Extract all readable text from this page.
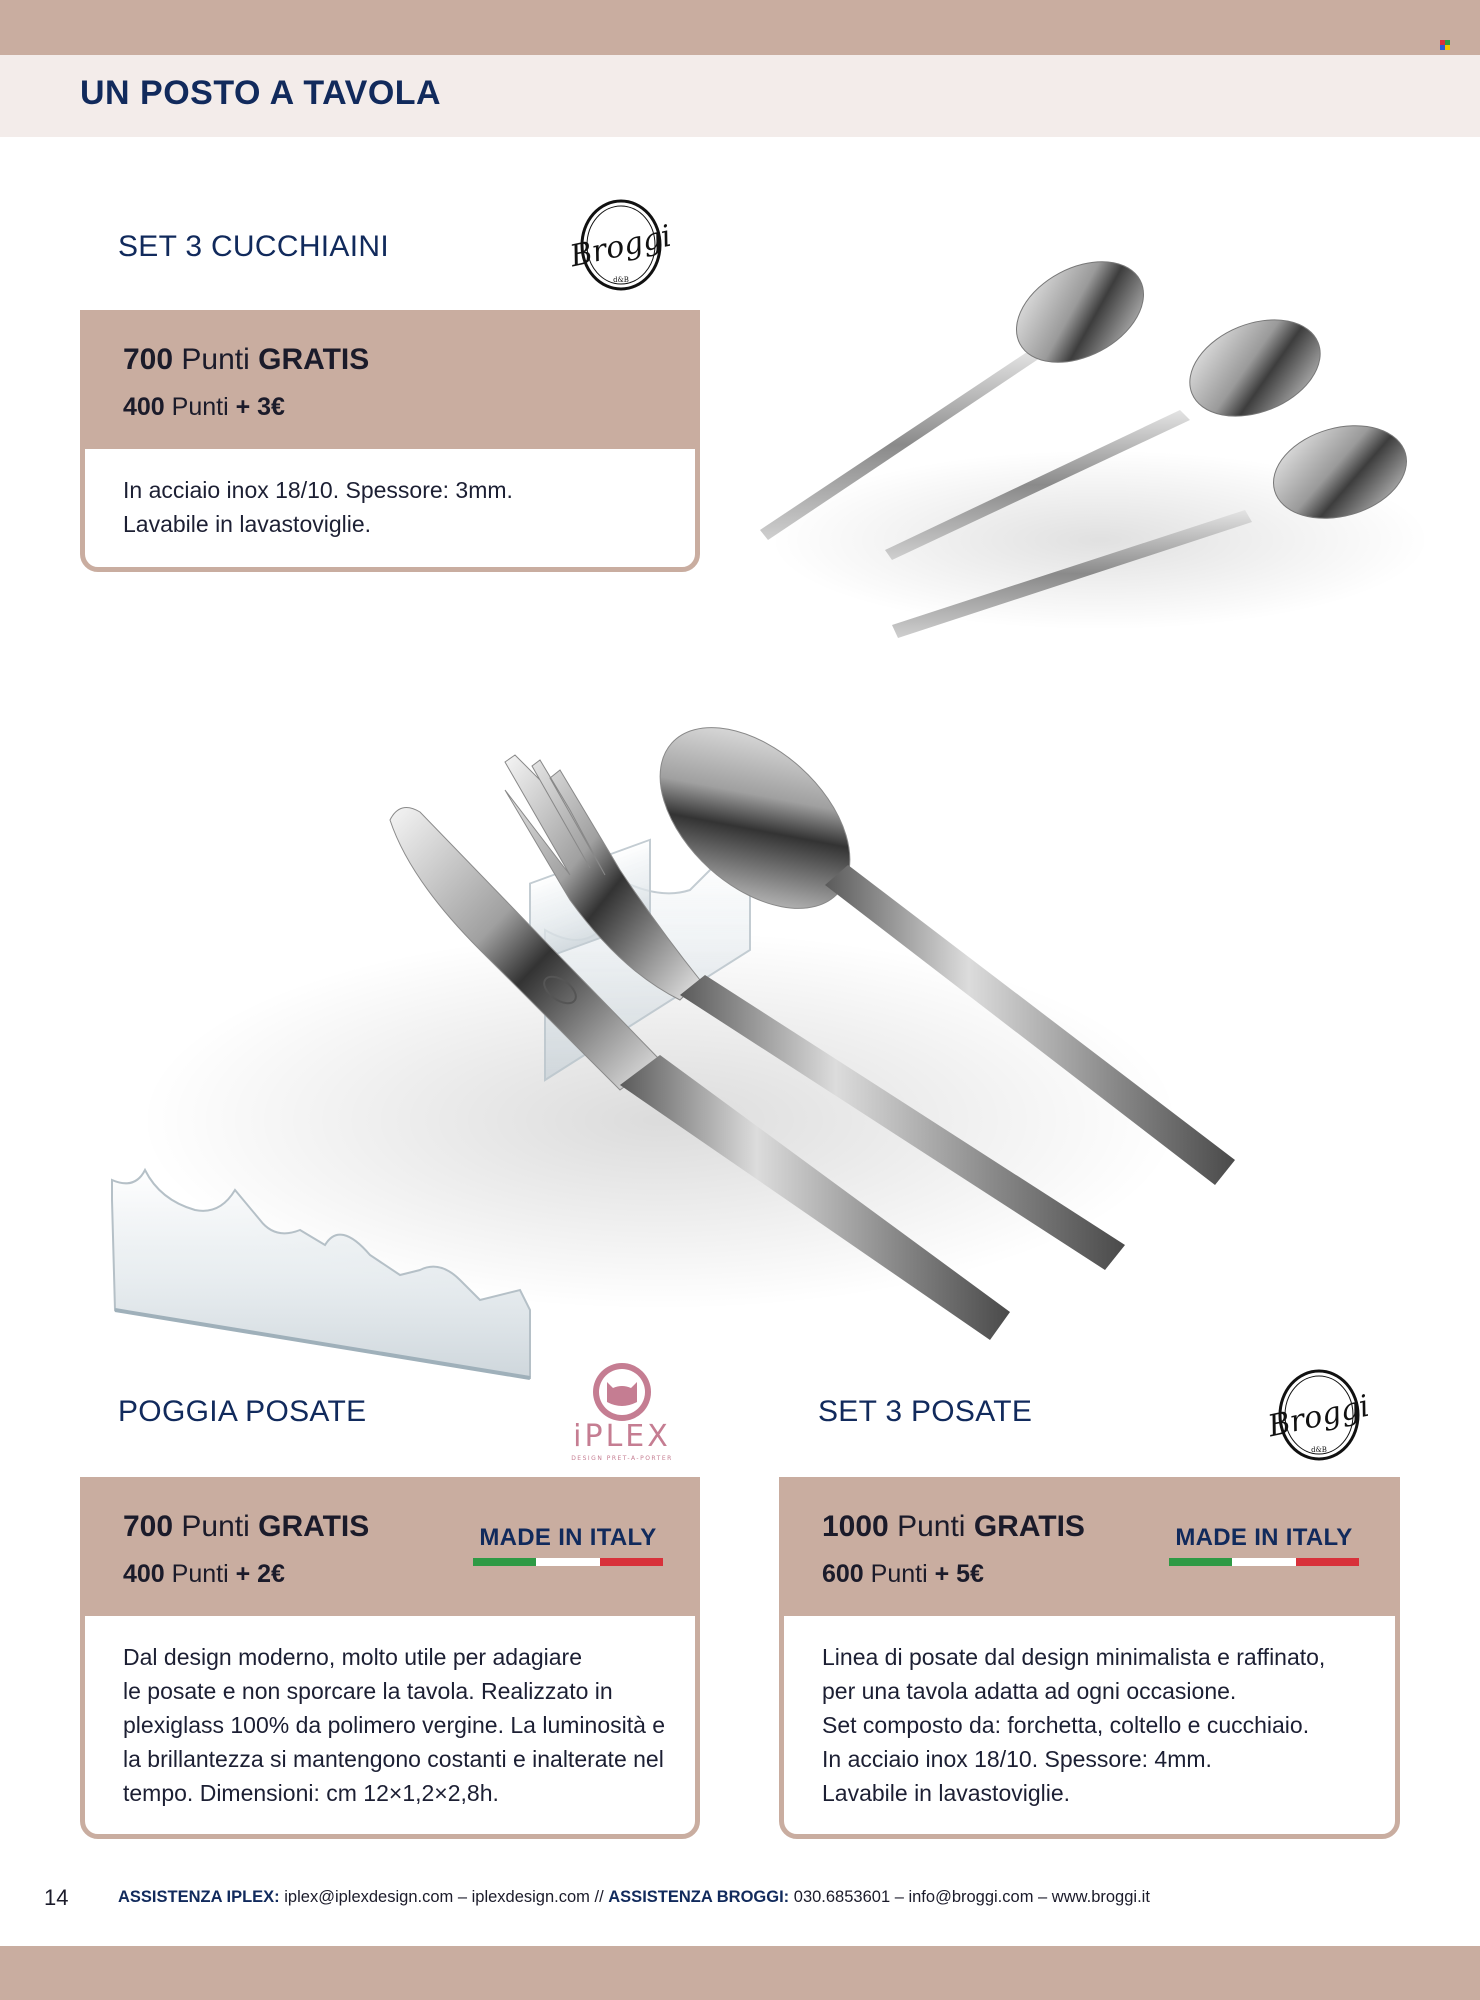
UN POSTO A TAVOLA
SET 3 CUCCHIAINI	Broggi
d&B
700 Punti GRATIS
400 Punti + 3€
In acciaio inox 18/10. Spessore: 3mm.
Lavabile in lavastoviglie.
POGGIA POSATE
iPLEX
DESIGN PRET-A-PORTER
700 Punti GRATIS
400 Punti + 2€
MADE IN ITALY
Dal design moderno, molto utile per adagiare
le posate e non sporcare la tavola. Realizzato in
plexiglass 100% da polimero vergine. La luminosità e
la brillantezza si mantengono costanti e inalterate nel
tempo. Dimensioni: cm 12×1,2×2,8h.
SET 3 POSATE	Broggi
d&B
1000 Punti GRATIS
600 Punti + 5€
MADE IN ITALY
Linea di posate dal design minimalista e raffinato,
per una tavola adatta ad ogni occasione.
Set composto da: forchetta, coltello e cucchiaio.
In acciaio inox 18/10. Spessore: 4mm.
Lavabile in lavastoviglie.
14	ASSISTENZA IPLEX: iplex@iplexdesign.com – iplexdesign.com // ASSISTENZA BROGGI: 030.6853601 – info@broggi.com – www.broggi.it
